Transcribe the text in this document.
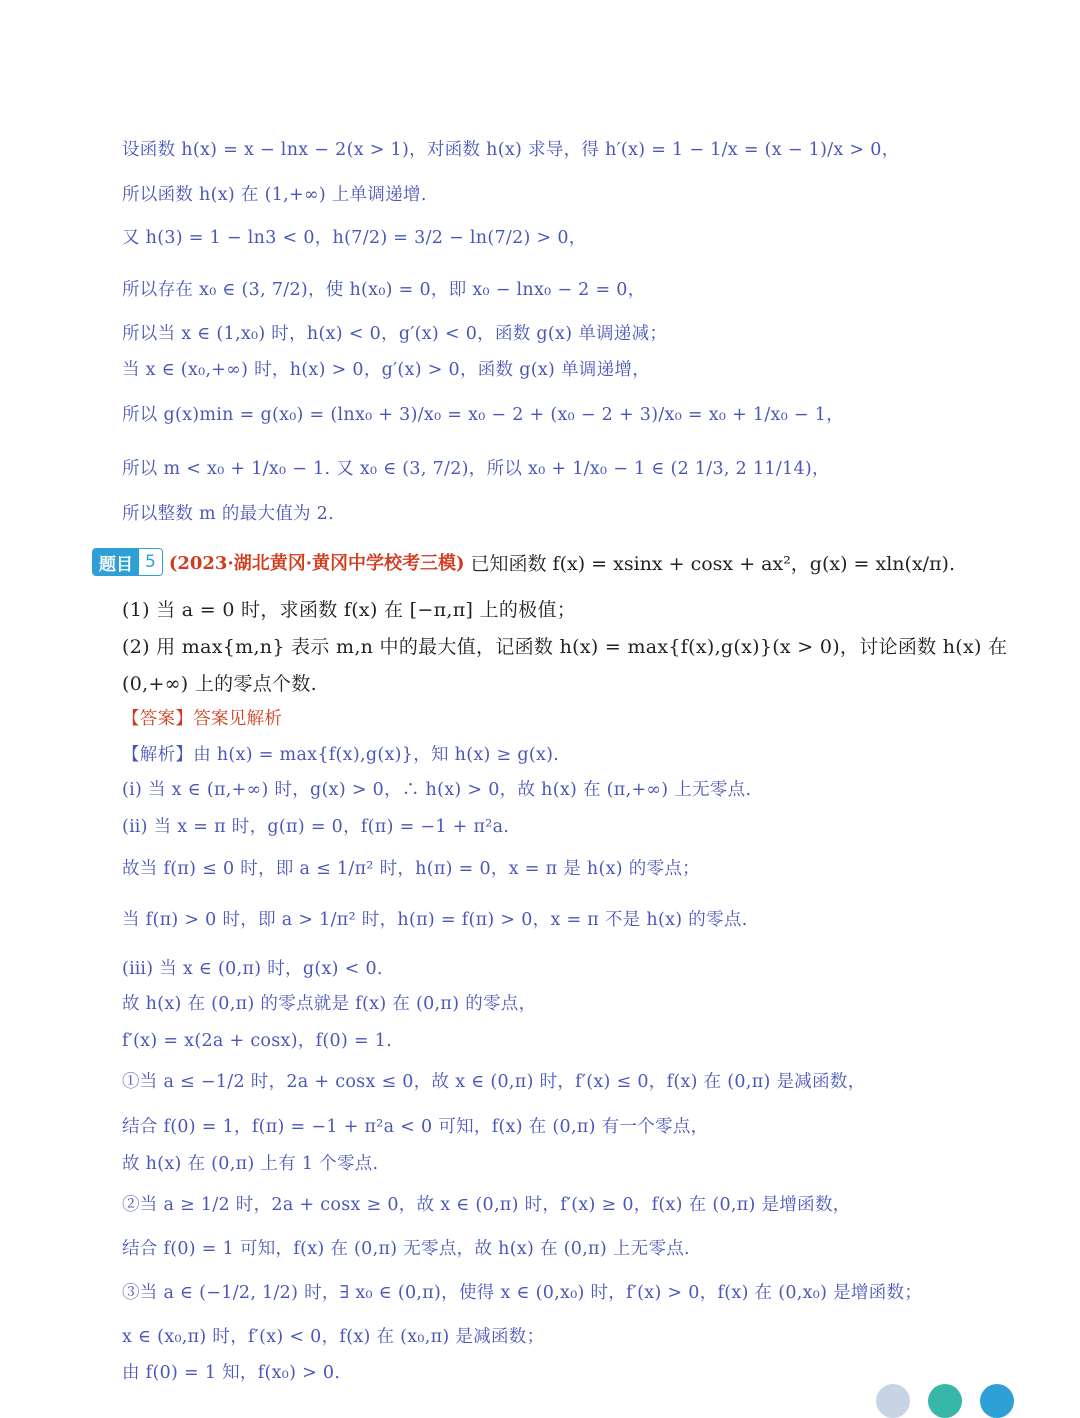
设函数 h(x) = x − lnx − 2(x > 1)，对函数 h(x) 求导，得 h′(x) = 1 − 1/x = (x − 1)/x > 0，
所以函数 h(x) 在 (1,+∞) 上单调递增.
又 h(3) = 1 − ln3 < 0，h(7/2) = 3/2 − ln(7/2) > 0，
所以存在 x₀ ∈ (3, 7/2)，使 h(x₀) = 0，即 x₀ − lnx₀ − 2 = 0，
所以当 x ∈ (1,x₀) 时，h(x) < 0，g′(x) < 0，函数 g(x) 单调递减；
当 x ∈ (x₀,+∞) 时，h(x) > 0，g′(x) > 0，函数 g(x) 单调递增，
所以 g(x)min = g(x₀) = (lnx₀ + 3)/x₀ = x₀ − 2 + (x₀ − 2 + 3)/x₀ = x₀ + 1/x₀ − 1，
所以 m < x₀ + 1/x₀ − 1. 又 x₀ ∈ (3, 7/2)，所以 x₀ + 1/x₀ − 1 ∈ (2 1/3, 2 11/14)，
所以整数 m 的最大值为 2.
题目 5 (2023·湖北黄冈·黄冈中学校考三模) 已知函数 f(x) = xsinx + cosx + ax²，g(x) = xln(x/π).
(1) 当 a = 0 时，求函数 f(x) 在 [−π,π] 上的极值；
(2) 用 max{m,n} 表示 m,n 中的最大值，记函数 h(x) = max{f(x),g(x)}(x > 0)，讨论函数 h(x) 在
(0,+∞) 上的零点个数.
【答案】答案见解析
【解析】由 h(x) = max{f(x),g(x)}，知 h(x) ≥ g(x).
(ⅰ) 当 x ∈ (π,+∞) 时，g(x) > 0，∴ h(x) > 0，故 h(x) 在 (π,+∞) 上无零点.
(ⅱ) 当 x = π 时，g(π) = 0，f(π) = −1 + π²a.
故当 f(π) ≤ 0 时，即 a ≤ 1/π² 时，h(π) = 0，x = π 是 h(x) 的零点；
当 f(π) > 0 时，即 a > 1/π² 时，h(π) = f(π) > 0，x = π 不是 h(x) 的零点.
(ⅲ) 当 x ∈ (0,π) 时，g(x) < 0.
故 h(x) 在 (0,π) 的零点就是 f(x) 在 (0,π) 的零点，
f′(x) = x(2a + cosx)，f(0) = 1.
①当 a ≤ −1/2 时，2a + cosx ≤ 0，故 x ∈ (0,π) 时，f′(x) ≤ 0，f(x) 在 (0,π) 是减函数，
结合 f(0) = 1，f(π) = −1 + π²a < 0 可知，f(x) 在 (0,π) 有一个零点，
故 h(x) 在 (0,π) 上有 1 个零点.
②当 a ≥ 1/2 时，2a + cosx ≥ 0，故 x ∈ (0,π) 时，f′(x) ≥ 0，f(x) 在 (0,π) 是增函数，
结合 f(0) = 1 可知，f(x) 在 (0,π) 无零点，故 h(x) 在 (0,π) 上无零点.
③当 a ∈ (−1/2, 1/2) 时，∃ x₀ ∈ (0,π)，使得 x ∈ (0,x₀) 时，f′(x) > 0，f(x) 在 (0,x₀) 是增函数；
x ∈ (x₀,π) 时，f′(x) < 0，f(x) 在 (x₀,π) 是减函数；
由 f(0) = 1 知，f(x₀) > 0.
